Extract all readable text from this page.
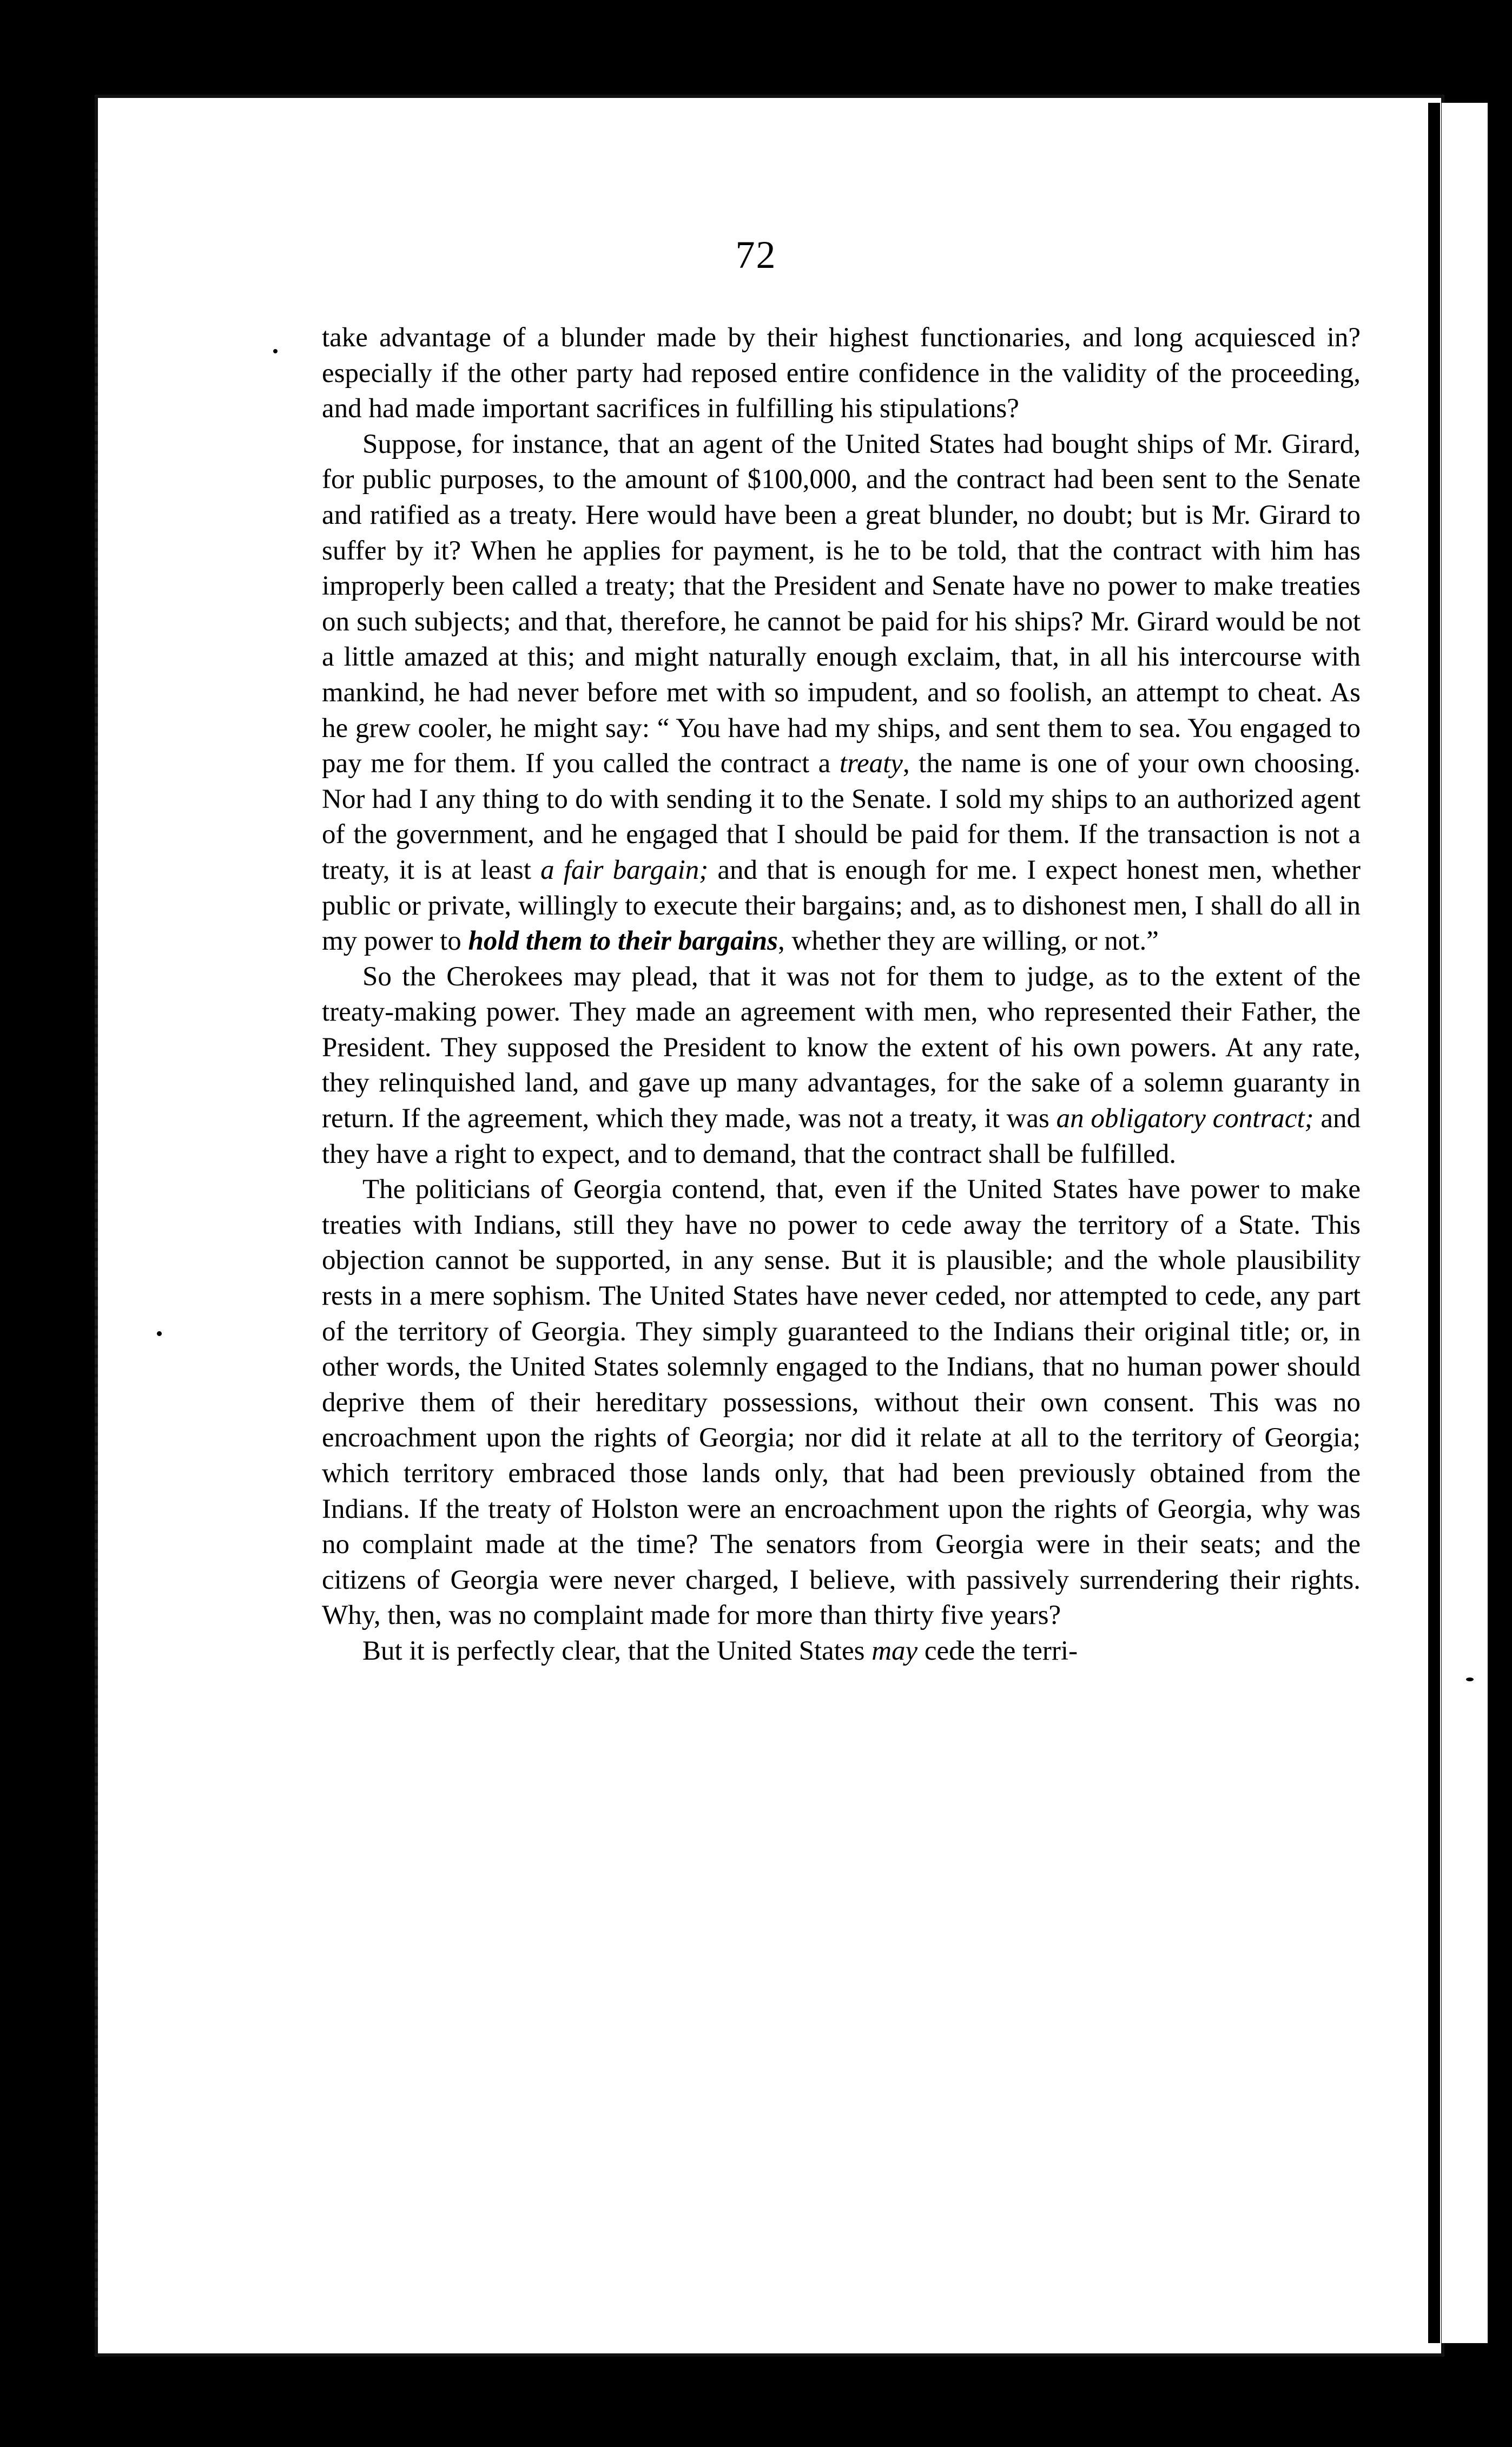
72

take advantage of a blunder made by their highest functionaries, and long acquiesced in? especially if the other party had reposed entire confidence in the validity of the proceeding, and had made important sacrifices in fulfilling his stipulations?

Suppose, for instance, that an agent of the United States had bought ships of Mr. Girard, for public purposes, to the amount of $100,000, and the contract had been sent to the Senate and ratified as a treaty. Here would have been a great blunder, no doubt; but is Mr. Girard to suffer by it? When he applies for payment, is he to be told, that the contract with him has improperly been called a treaty; that the President and Senate have no power to make treaties on such subjects; and that, therefore, he cannot be paid for his ships? Mr. Girard would be not a little amazed at this; and might naturally enough exclaim, that, in all his intercourse with mankind, he had never before met with so impudent, and so foolish, an attempt to cheat. As he grew cooler, he might say: “ You have had my ships, and sent them to sea. You engaged to pay me for them. If you called the contract a treaty, the name is one of your own choosing. Nor had I any thing to do with sending it to the Senate. I sold my ships to an authorized agent of the government, and he engaged that I should be paid for them. If the transaction is not a treaty, it is at least a fair bargain; and that is enough for me. I expect honest men, whether public or private, willingly to execute their bargains; and, as to dishonest men, I shall do all in my power to hold them to their bargains, whether they are willing, or not.”

So the Cherokees may plead, that it was not for them to judge, as to the extent of the treaty-making power. They made an agreement with men, who represented their Father, the President. They supposed the President to know the extent of his own powers. At any rate, they relinquished land, and gave up many advantages, for the sake of a solemn guaranty in return. If the agreement, which they made, was not a treaty, it was an obligatory contract; and they have a right to expect, and to demand, that the contract shall be fulfilled.

The politicians of Georgia contend, that, even if the United States have power to make treaties with Indians, still they have no power to cede away the territory of a State. This objection cannot be supported, in any sense. But it is plausible; and the whole plausibility rests in a mere sophism. The United States have never ceded, nor attempted to cede, any part of the territory of Georgia. They simply guaranteed to the Indians their original title; or, in other words, the United States solemnly engaged to the Indians, that no human power should deprive them of their hereditary possessions, without their own consent. This was no encroachment upon the rights of Georgia; nor did it relate at all to the territory of Georgia; which territory embraced those lands only, that had been previously obtained from the Indians. If the treaty of Holston were an encroachment upon the rights of Georgia, why was no complaint made at the time? The senators from Georgia were in their seats; and the citizens of Georgia were never charged, I believe, with passively surrendering their rights. Why, then, was no complaint made for more than thirty five years?

But it is perfectly clear, that the United States may cede the terri-
